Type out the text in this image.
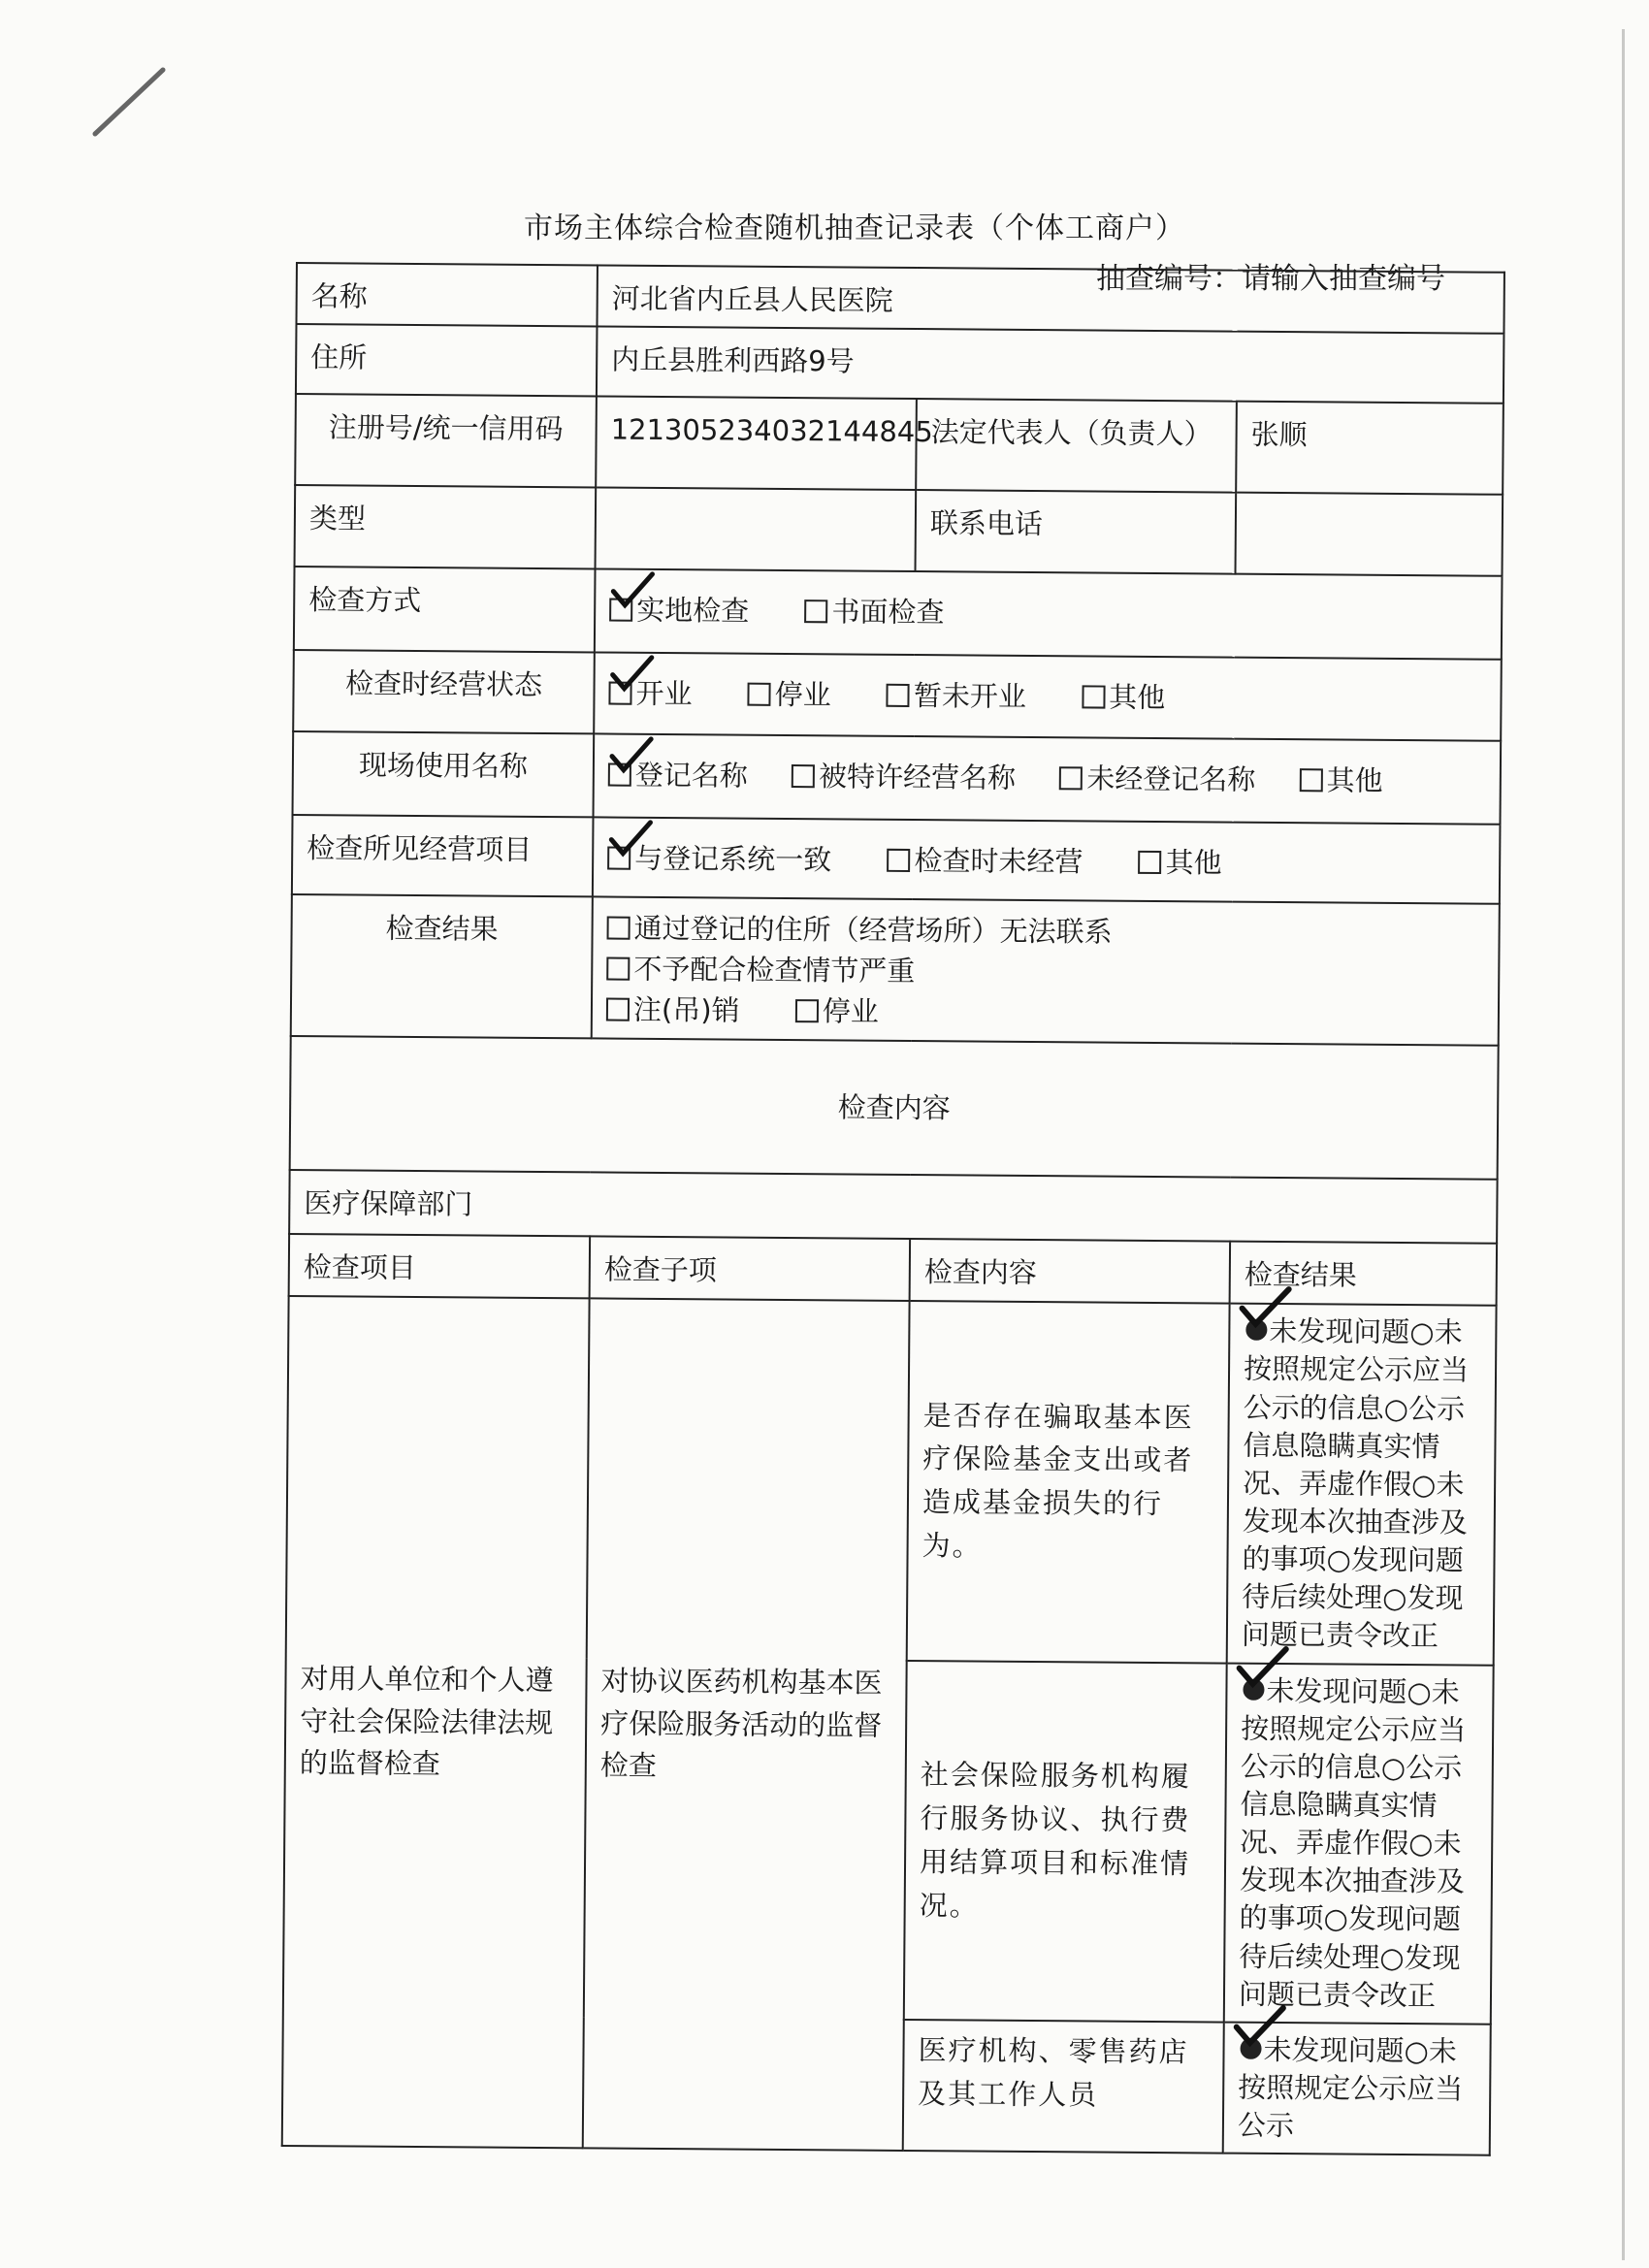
市场主体综合检查随机抽查记录表（个体工商户）
抽查编号：请输入抽查编号
名称	河北省内丘县人民医院		
住所	内丘县胜利西路9号		
注册号/统一信用码	121305234032144845	法定代表人（负责人）	张顺
类型		联系电话	
检查方式	实地检查 书面检查		
检查时经营状态	开业 停业 暂未开业 其他		
现场使用名称	登记名称 被特许经营名称 未经登记名称 其他		
检查所见经营项目	与登记系统一致 检查时未经营 其他		
检查结果	通过登记的住所（经营场所）无法联系 不予配合检查情节严重
注(吊)销 停业		
检查内容			
医疗保障部门			
检查项目	检查子项	检查内容	检查结果
对用人单位和个人遵守社会保险法律法规的监督检查	对协议医药机构基本医疗保险服务活动的监督检查	是否存在骗取基本医疗保险基金支出或者造成基金损失的行为。	未发现问题○未按照规定公示应当公示的信息○公示信息隐瞒真实情况、弄虚作假○未发现本次抽查涉及的事项○发现问题待后续处理○发现问题已责令改正
		社会保险服务机构履行服务协议、执行费用结算项目和标准情况。	未发现问题○未按照规定公示应当公示的信息○公示信息隐瞒真实情况、弄虚作假○未发现本次抽查涉及的事项○发现问题待后续处理○发现问题已责令改正
		医疗机构、零售药店及其工作人员	未发现问题○未按照规定公示应当公示
